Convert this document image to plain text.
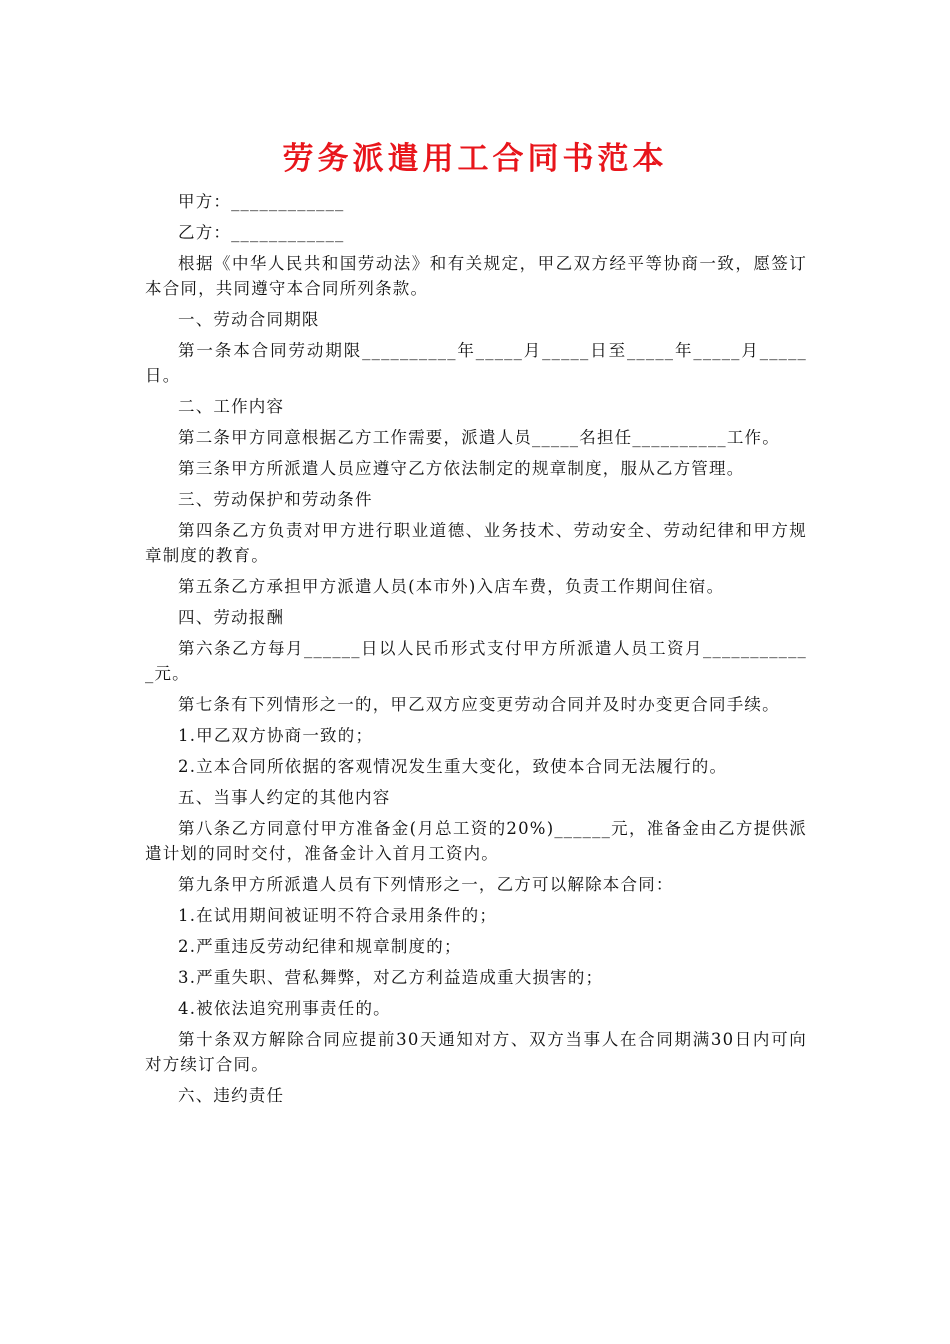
劳务派遣用工合同书范本

甲方：____________

乙方：____________

根据《中华人民共和国劳动法》和有关规定，甲乙双方经平等协商一致，愿签订本合同，共同遵守本合同所列条款。

一、劳动合同期限

第一条本合同劳动期限__________年_____月_____日至_____年_____月_____日。

二、工作内容

第二条甲方同意根据乙方工作需要，派遣人员_____名担任__________工作。

第三条甲方所派遣人员应遵守乙方依法制定的规章制度，服从乙方管理。

三、劳动保护和劳动条件

第四条乙方负责对甲方进行职业道德、业务技术、劳动安全、劳动纪律和甲方规章制度的教育。

第五条乙方承担甲方派遣人员(本市外)入店车费，负责工作期间住宿。

四、劳动报酬

第六条乙方每月______日以人民币形式支付甲方所派遣人员工资月____________元。

第七条有下列情形之一的，甲乙双方应变更劳动合同并及时办变更合同手续。

1.甲乙双方协商一致的；

2.立本合同所依据的客观情况发生重大变化，致使本合同无法履行的。

五、当事人约定的其他内容

第八条乙方同意付甲方准备金(月总工资的20%)______元，准备金由乙方提供派遣计划的同时交付，准备金计入首月工资内。

第九条甲方所派遣人员有下列情形之一，乙方可以解除本合同：

1.在试用期间被证明不符合录用条件的；

2.严重违反劳动纪律和规章制度的；

3.严重失职、营私舞弊，对乙方利益造成重大损害的；

4.被依法追究刑事责任的。

第十条双方解除合同应提前30天通知对方、双方当事人在合同期满30日内可向对方续订合同。

六、违约责任
